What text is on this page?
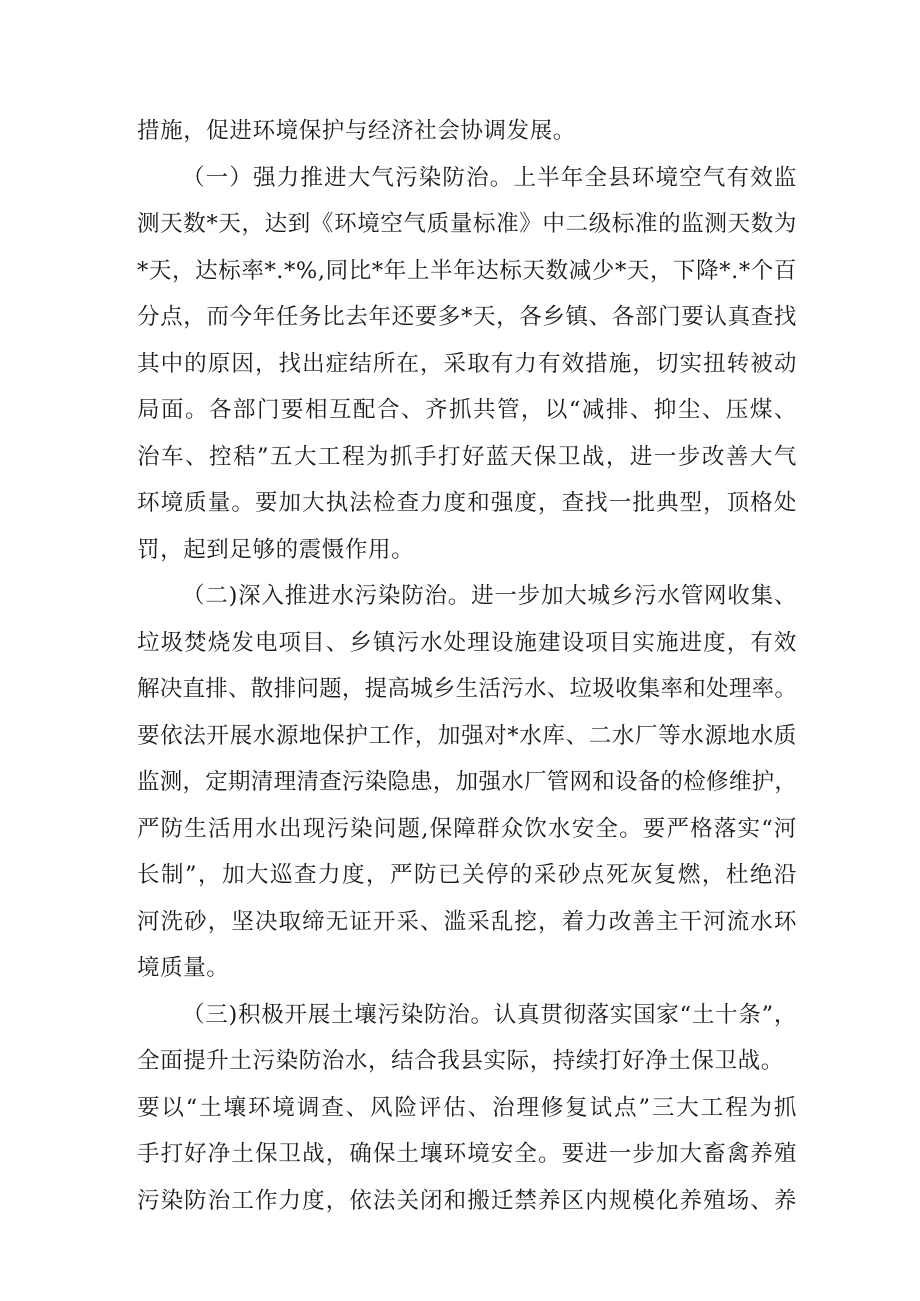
措施，促进环境保护与经济社会协调发展。
（一）强力推进大气污染防治。上半年全县环境空气有效监
测天数*天，达到《环境空气质量标准》中二级标准的监测天数为
*天，达标率*.*%,同比*年上半年达标天数减少*天，下降*.*个百
分点，而今年任务比去年还要多*天，各乡镇、各部门要认真查找
其中的原因，找出症结所在，采取有力有效措施，切实扭转被动
局面。各部门要相互配合、齐抓共管，以“减排、抑尘、压煤、
治车、控秸”五大工程为抓手打好蓝天保卫战，进一步改善大气
环境质量。要加大执法检查力度和强度，查找一批典型，顶格处
罚，起到足够的震慑作用。
（二)深入推进水污染防治。进一步加大城乡污水管网收集、
垃圾焚烧发电项目、乡镇污水处理设施建设项目实施进度，有效
解决直排、散排问题，提高城乡生活污水、垃圾收集率和处理率。
要依法开展水源地保护工作，加强对*水库、二水厂等水源地水质
监测，定期清理清查污染隐患，加强水厂管网和设备的检修维护，
严防生活用水出现污染问题,保障群众饮水安全。要严格落实“河
长制”，加大巡查力度，严防已关停的采砂点死灰复燃，杜绝沿
河洗砂，坚决取缔无证开采、滥采乱挖，着力改善主干河流水环
境质量。
（三)积极开展土壤污染防治。认真贯彻落实国家“土十条”，
全面提升土污染防治水，结合我县实际，持续打好净土保卫战。
要以“土壤环境调查、风险评估、治理修复试点”三大工程为抓
手打好净土保卫战，确保土壤环境安全。要进一步加大畜禽养殖
污染防治工作力度，依法关闭和搬迁禁养区内规模化养殖场、养
